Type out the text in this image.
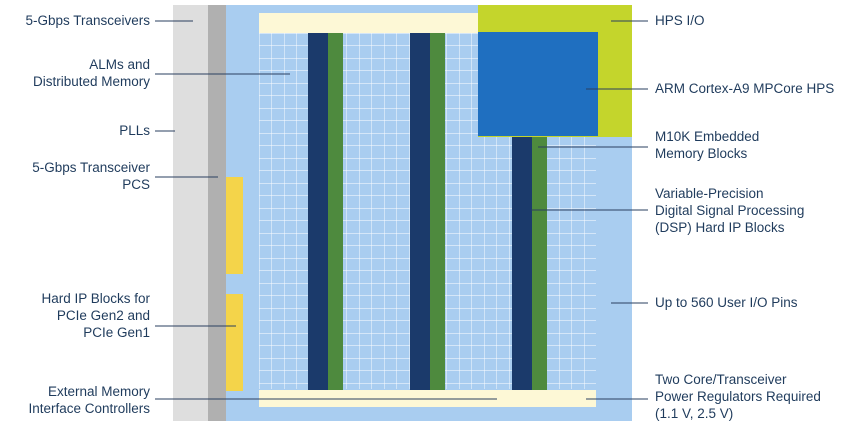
5-Gbps Transceivers
ALMs and
Distributed Memory
PLLs
5-Gbps Transceiver
PCS
Hard IP Blocks for
PCIe Gen2 and
PCIe Gen1
External Memory
Interface Controllers
HPS I/O
ARM Cortex-A9 MPCore HPS
M10K Embedded
Memory Blocks
Variable-Precision
Digital Signal Processing
(DSP) Hard IP Blocks
Up to 560 User I/O Pins
Two Core/Transceiver
Power Regulators Required
(1.1 V, 2.5 V)
